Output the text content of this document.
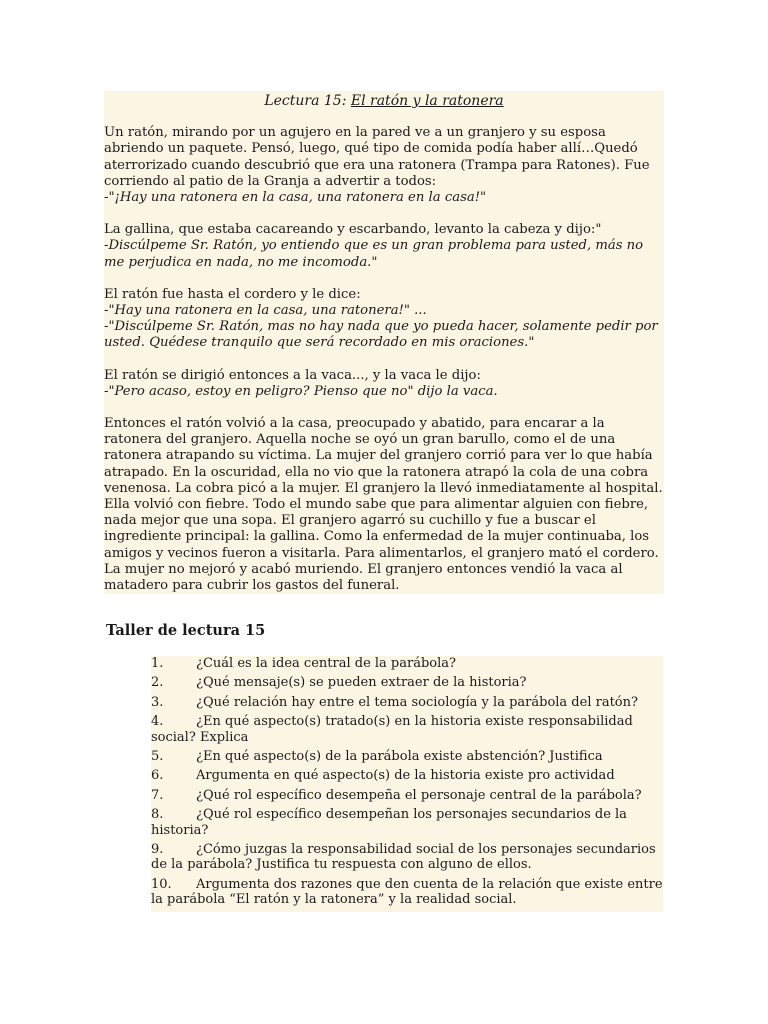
Lectura 15: El ratón y la ratonera

Un ratón, mirando por un agujero en la pared ve a un granjero y su esposa abriendo un paquete. Pensó, luego, qué tipo de comida podía haber allí…Quedó aterrorizado cuando descubrió que era una ratonera (Trampa para Ratones). Fue corriendo al patio de la Granja a advertir a todos:
-"¡Hay una ratonera en la casa, una ratonera en la casa!"

La gallina, que estaba cacareando y escarbando, levanto la cabeza y dijo:"
-Discúlpeme Sr. Ratón, yo entiendo que es un gran problema para usted, más no me perjudica en nada, no me incomoda."

El ratón fue hasta el cordero y le dice:
-"Hay una ratonera en la casa, una ratonera!" ...
-"Discúlpeme Sr. Ratón, mas no hay nada que yo pueda hacer, solamente pedir por usted. Quédese tranquilo que será recordado en mis oraciones."

El ratón se dirigió entonces a la vaca..., y la vaca le dijo:
-"Pero acaso, estoy en peligro? Pienso que no" dijo la vaca.

Entonces el ratón volvió a la casa, preocupado y abatido, para encarar a la ratonera del granjero. Aquella noche se oyó un gran barullo, como el de una ratonera atrapando su víctima. La mujer del granjero corrió para ver lo que había atrapado. En la oscuridad, ella no vio que la ratonera atrapó la cola de una cobra venenosa. La cobra picó a la mujer. El granjero la llevó inmediatamente al hospital. Ella volvió con fiebre. Todo el mundo sabe que para alimentar alguien con fiebre, nada mejor que una sopa. El granjero agarró su cuchillo y fue a buscar el ingrediente principal: la gallina. Como la enfermedad de la mujer continuaba, los amigos y vecinos fueron a visitarla. Para alimentarlos, el granjero mató el cordero. La mujer no mejoró y acabó muriendo. El granjero entonces vendió la vaca al matadero para cubrir los gastos del funeral.

Taller de lectura 15
1.	¿Cuál es la idea central de la parábola?
2.	¿Qué mensaje(s) se pueden extraer de la historia?
3.	¿Qué relación hay entre el tema sociología y la parábola del ratón?
4.	¿En qué aspecto(s) tratado(s) en la historia existe responsabilidad social? Explica
5.	¿En qué aspecto(s) de la parábola existe abstención? Justifica
6.	Argumenta en qué aspecto(s) de la historia existe pro actividad
7.	¿Qué rol específico desempeña el personaje central de la parábola?
8.	¿Qué rol específico desempeñan los personajes secundarios de la historia?
9.	¿Cómo juzgas la responsabilidad social de los personajes secundarios de la parábola? Justifica tu respuesta con alguno de ellos.
10. Argumenta dos razones que den cuenta de la relación que existe entre la parábola “El ratón y la ratonera” y la realidad social.
